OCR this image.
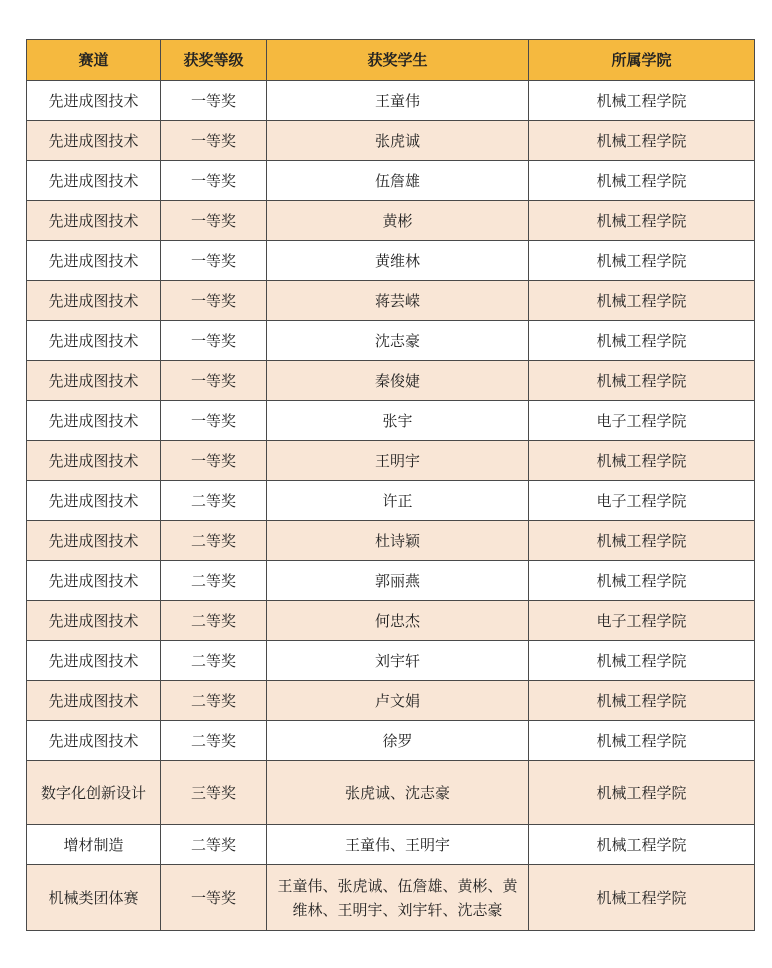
赛道	获奖等级	获奖学生	所属学院
先进成图技术	一等奖	王童伟	机械工程学院
先进成图技术	一等奖	张虎诚	机械工程学院
先进成图技术	一等奖	伍詹雄	机械工程学院
先进成图技术	一等奖	黄彬	机械工程学院
先进成图技术	一等奖	黄维林	机械工程学院
先进成图技术	一等奖	蒋芸嵘	机械工程学院
先进成图技术	一等奖	沈志豪	机械工程学院
先进成图技术	一等奖	秦俊婕	机械工程学院
先进成图技术	一等奖	张宇	电子工程学院
先进成图技术	一等奖	王明宇	机械工程学院
先进成图技术	二等奖	许正	电子工程学院
先进成图技术	二等奖	杜诗颖	机械工程学院
先进成图技术	二等奖	郭丽燕	机械工程学院
先进成图技术	二等奖	何忠杰	电子工程学院
先进成图技术	二等奖	刘宇轩	机械工程学院
先进成图技术	二等奖	卢文娟	机械工程学院
先进成图技术	二等奖	徐罗	机械工程学院
数字化创新设计	三等奖	张虎诚、沈志豪	机械工程学院
增材制造	二等奖	王童伟、王明宇	机械工程学院
机械类团体赛	一等奖	王童伟、张虎诚、伍詹雄、黄彬、黄维林、王明宇、刘宇轩、沈志豪	机械工程学院
